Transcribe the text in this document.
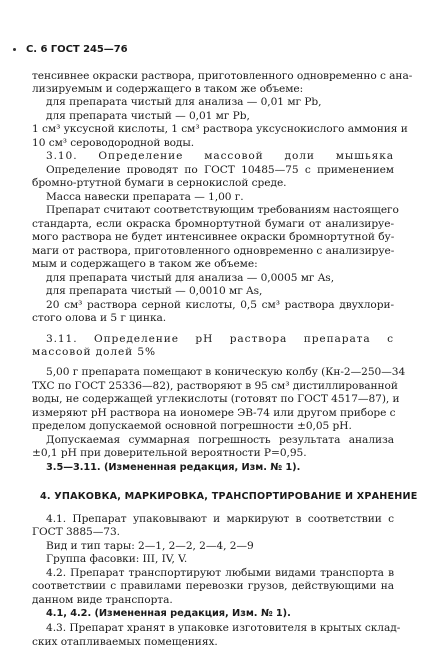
С. 6 ГОСТ 245—76
тенсивнее окраски раствора, приготовленного одновременно с ана-
лизируемым и содержащего в таком же объеме:
для препарата чистый для анализа — 0,01 мг Pb,
для препарата чистый — 0,01 мг Pb,
1 см³ уксусной кислоты, 1 см³ раствора уксуснокислого аммония и
10 см³ сероводородной воды.
3.10. Определение массовой доли мышьяка
Определение проводят по ГОСТ 10485—75 с применением
бромно-ртутной бумаги в сернокислой среде.
Масса навески препарата — 1,00 г.
Препарат считают соответствующим требованиям настоящего
стандарта, если окраска бромнортутной бумаги от анализируе-
мого раствора не будет интенсивнее окраски бромнортутной бу-
маги от раствора, приготовленного одновременно с анализируе-
мым и содержащего в таком же объеме:
для препарата чистый для анализа — 0,0005 мг As,
для препарата чистый — 0,0010 мг As,
20 см³ раствора серной кислоты, 0,5 см³ раствора двухлори-
стого олова и 5 г цинка.
3.11. Определение pH раствора препарата с
массовой долей 5%
5,00 г препарата помещают в коническую колбу (Кн-2—250—34
ТХС по ГОСТ 25336—82), растворяют в 95 см³ дистиллированной
воды, не содержащей углекислоты (готовят по ГОСТ 4517—87), и
измеряют pH раствора на иономере ЭВ-74 или другом приборе с
пределом допускаемой основной погрешности ±0,05 pH.
Допускаемая суммарная погрешность результата анализа
±0,1 pH при доверительной вероятности P=0,95.
3.5—3.11. (Измененная редакция, Изм. № 1).
4. УПАКОВКА, МАРКИРОВКА, ТРАНСПОРТИРОВАНИЕ И ХРАНЕНИЕ
4.1. Препарат упаковывают и маркируют в соответствии с
ГОСТ 3885—73.
Вид и тип тары: 2—1, 2—2, 2—4, 2—9
Группа фасовки: III, IV, V.
4.2. Препарат транспортируют любыми видами транспорта в
соответствии с правилами перевозки грузов, действующими на
данном виде транспорта.
4.1, 4.2. (Измененная редакция, Изм. № 1).
4.3. Препарат хранят в упаковке изготовителя в крытых склад-
ских отапливаемых помещениях.
